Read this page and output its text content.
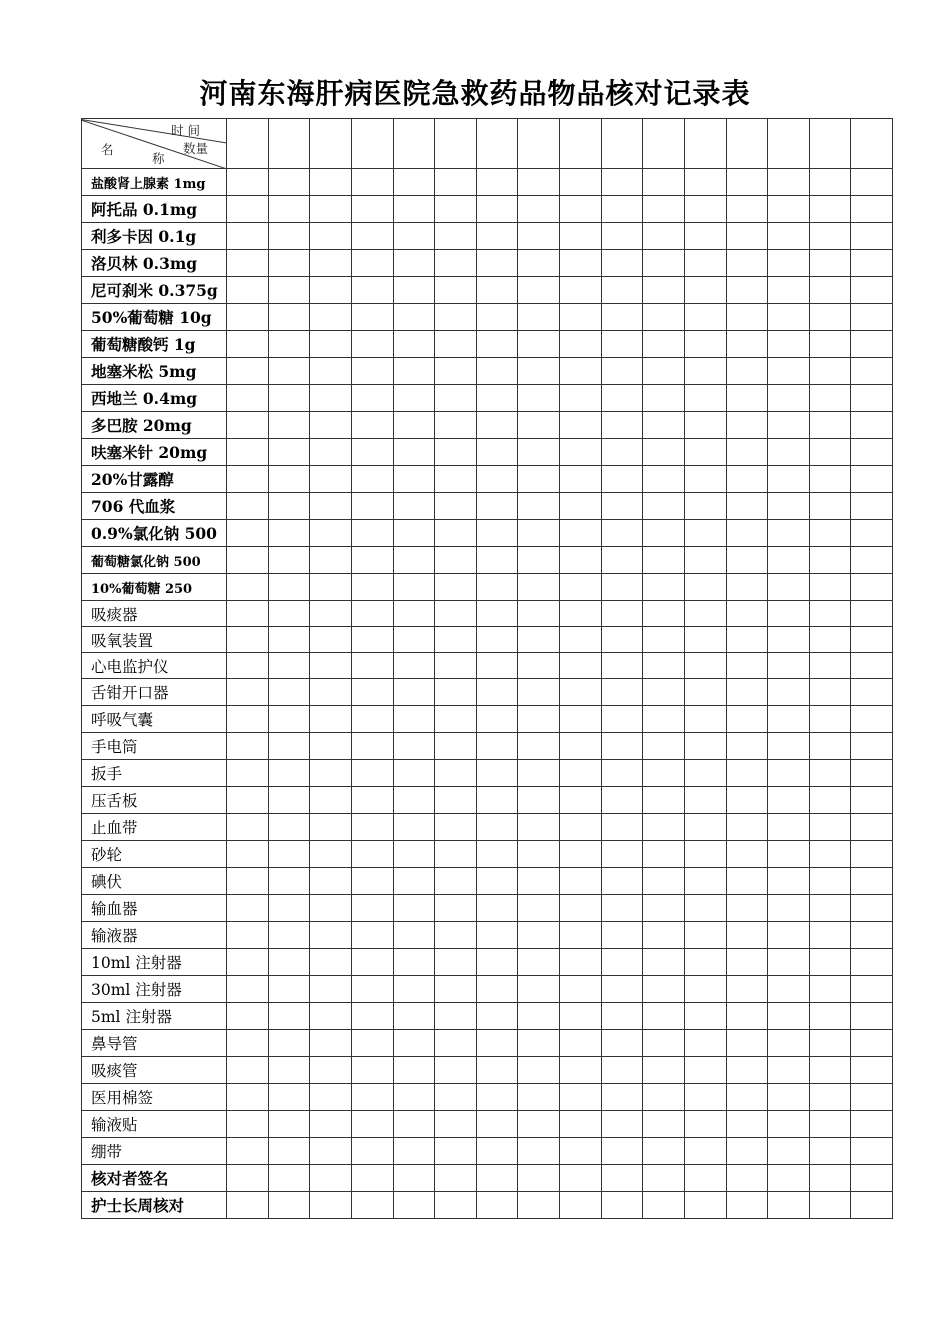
河南东海肝病医院急救药品物品核对记录表
时 间
数量
名
称																

盐酸肾上腺素 1mg																
阿托品 0.1mg																
利多卡因 0.1g																
洛贝林 0.3mg																
尼可刹米 0.375g																
50%葡萄糖 10g																
葡萄糖酸钙 1g																
地塞米松 5mg																
西地兰 0.4mg																
多巴胺 20mg																
呋塞米针 20mg																
20%甘露醇																
706 代血浆																
0.9%氯化钠 500																
葡萄糖氯化钠 500																
10%葡萄糖 250																
吸痰器																
吸氧装置																
心电监护仪																
舌钳开口器																
呼吸气囊																
手电筒																
扳手																
压舌板																
止血带																
砂轮																
碘伏																
输血器																
输液器																
10ml 注射器																
30ml 注射器																
5ml 注射器																
鼻导管																
吸痰管																
医用棉签																
输液贴																
绷带																
核对者签名																
护士长周核对																
